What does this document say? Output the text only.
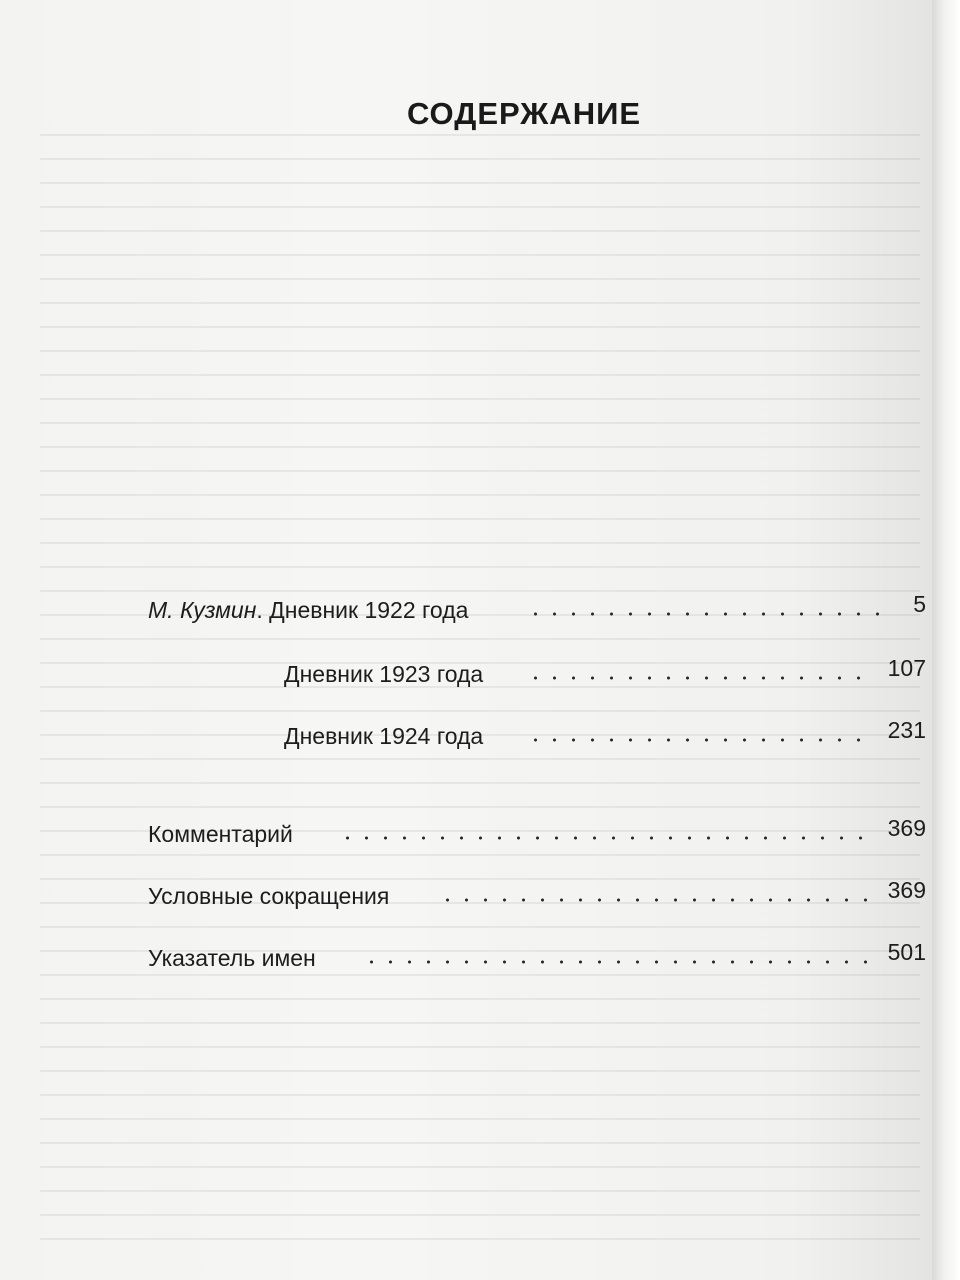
СОДЕРЖАНИЕ
М. Кузмин. Дневник 1922 года	5
Дневник 1923 года	107
Дневник 1924 года	231
Комментарий	369
Условные сокращения	369
Указатель имен	501
